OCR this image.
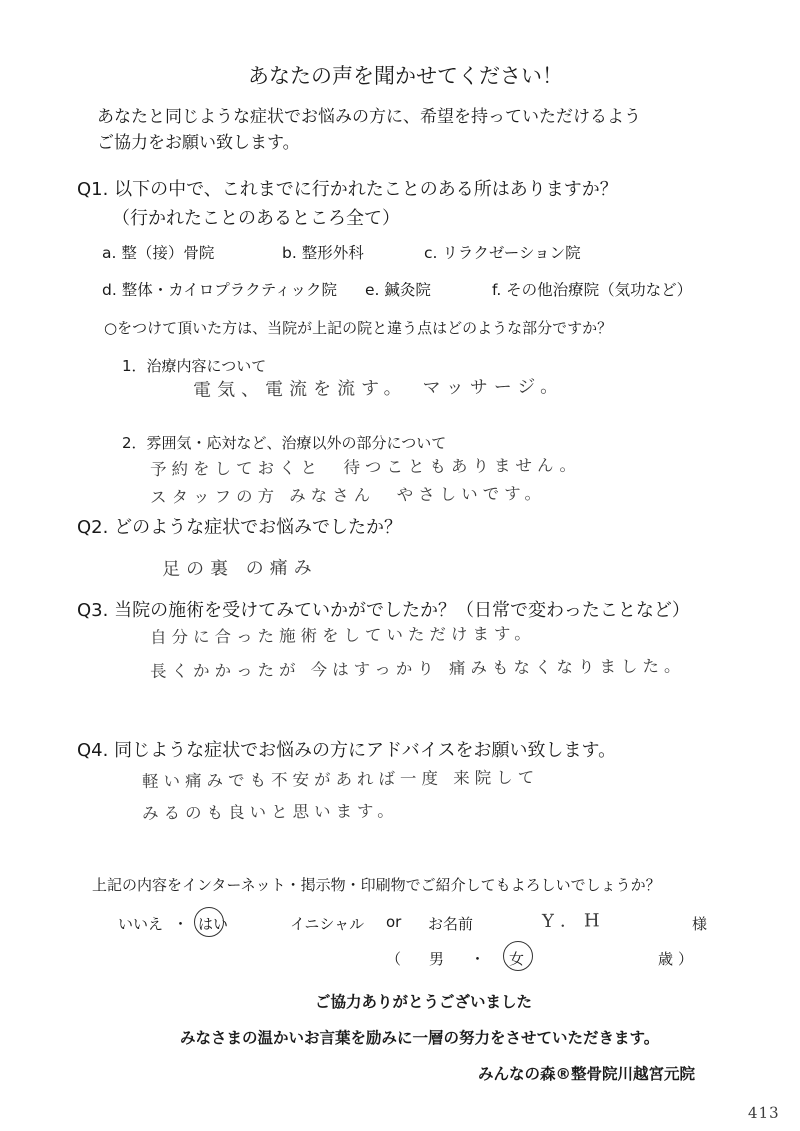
あなたの声を聞かせてください！
あなたと同じような症状でお悩みの方に、希望を持っていただけるよう
ご協力をお願い致します。
Q1. 以下の中で、これまでに行かれたことのある所はありますか？
（行かれたことのあるところ全て）
a. 整（接）骨院	b. 整形外科	c. リラクゼーション院
d. 整体・カイロプラクティック院 e. 鍼灸院	f. その他治療院（気功など）
○をつけて頂いた方は、当院が上記の院と違う点はどのような部分ですか？
1．治療内容について
電気、電流を流す。　マッサージ。
2．雰囲気・応対など、治療以外の部分について
予約をしておくと　待つこともありません。
スタッフの方 みなさん　やさしいです。
Q2. どのような症状でお悩みでしたか？
足の裏 の痛み
Q3. 当院の施術を受けてみていかがでしたか？（日常で変わったことなど）
自分に合った施術をしていただけます。
長くかかったが 今はすっかり 痛みもなくなりました。
Q4. 同じような症状でお悩みの方にアドバイスをお願い致します。
軽い痛みでも不安があれば一度 来院して
みるのも良いと思います。
上記の内容をインターネット・掲示物・印刷物でご紹介してもよろしいでしょうか？
いいえ ・ はい	イニシャル or お名前	Y．H	様
（ 男 ・ 女	歳 ）
ご協力ありがとうございました
みなさまの温かいお言葉を励みに一層の努力をさせていただきます。
みんなの森®整骨院川越宮元院
413
